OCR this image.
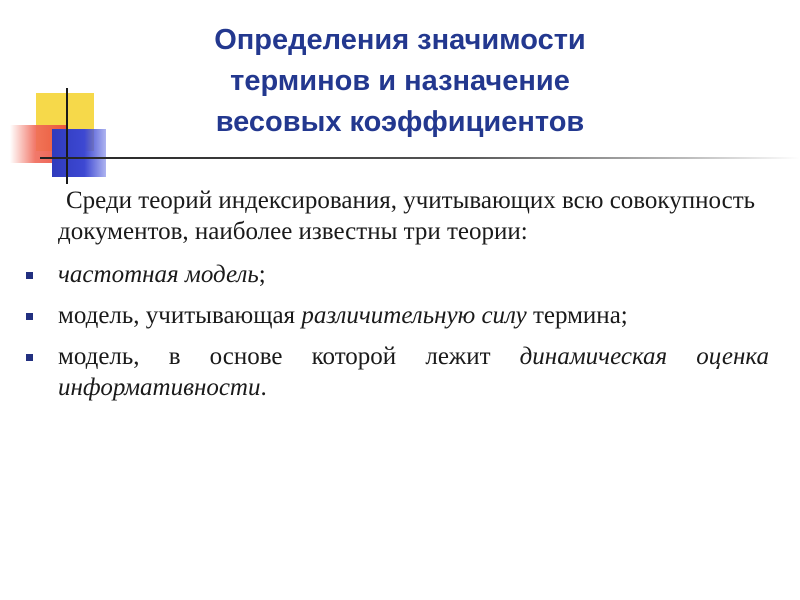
Определения значимости
терминов и назначение
весовых коэффициентов

Среди теорий индексирования, учитывающих всю совокупность документов, наиболее известны три теории:

частотная модель;
модель, учитывающая различительную силу термина;
модель, в основе которой лежит динамическая оценка информативности.
